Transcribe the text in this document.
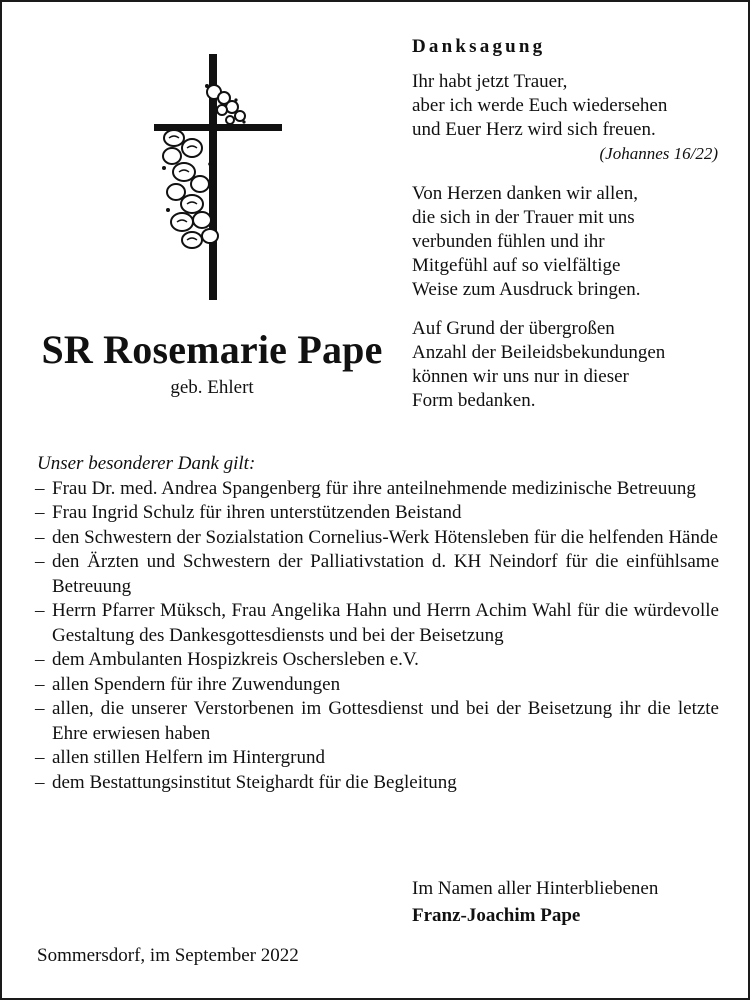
SR Rosemarie Pape

geb. Ehlert

Danksagung

Ihr habt jetzt Trauer,
aber ich werde Euch wiedersehen
und Euer Herz wird sich freuen.
(Johannes 16/22)

Von Herzen danken wir allen,
die sich in der Trauer mit uns
verbunden fühlen und ihr
Mitgefühl auf so vielfältige
Weise zum Ausdruck bringen.

Auf Grund der übergroßen
Anzahl der Beileidsbekundungen
können wir uns nur in dieser
Form bedanken.

Unser besonderer Dank gilt:
– Frau Dr. med. Andrea Spangenberg für ihre anteilnehmende medizinische Betreuung
– Frau Ingrid Schulz für ihren unterstützenden Beistand
– den Schwestern der Sozialstation Cornelius-Werk Hötensleben für die helfenden Hände
– den Ärzten und Schwestern der Palliativstation d. KH Neindorf für die einfühlsame Betreuung
– Herrn Pfarrer Müksch, Frau Angelika Hahn und Herrn Achim Wahl für die würdevolle Gestaltung des Dankesgottesdiensts und bei der Beisetzung
– dem Ambulanten Hospizkreis Oschersleben e.V.
– allen Spendern für ihre Zuwendungen
– allen, die unserer Verstorbenen im Gottesdienst und bei der Beisetzung ihr die letzte Ehre erwiesen haben
– allen stillen Helfern im Hintergrund
– dem Bestattungsinstitut Steighardt für die Begleitung
Im Namen aller Hinterbliebenen
Franz-Joachim Pape
Sommersdorf, im September 2022
